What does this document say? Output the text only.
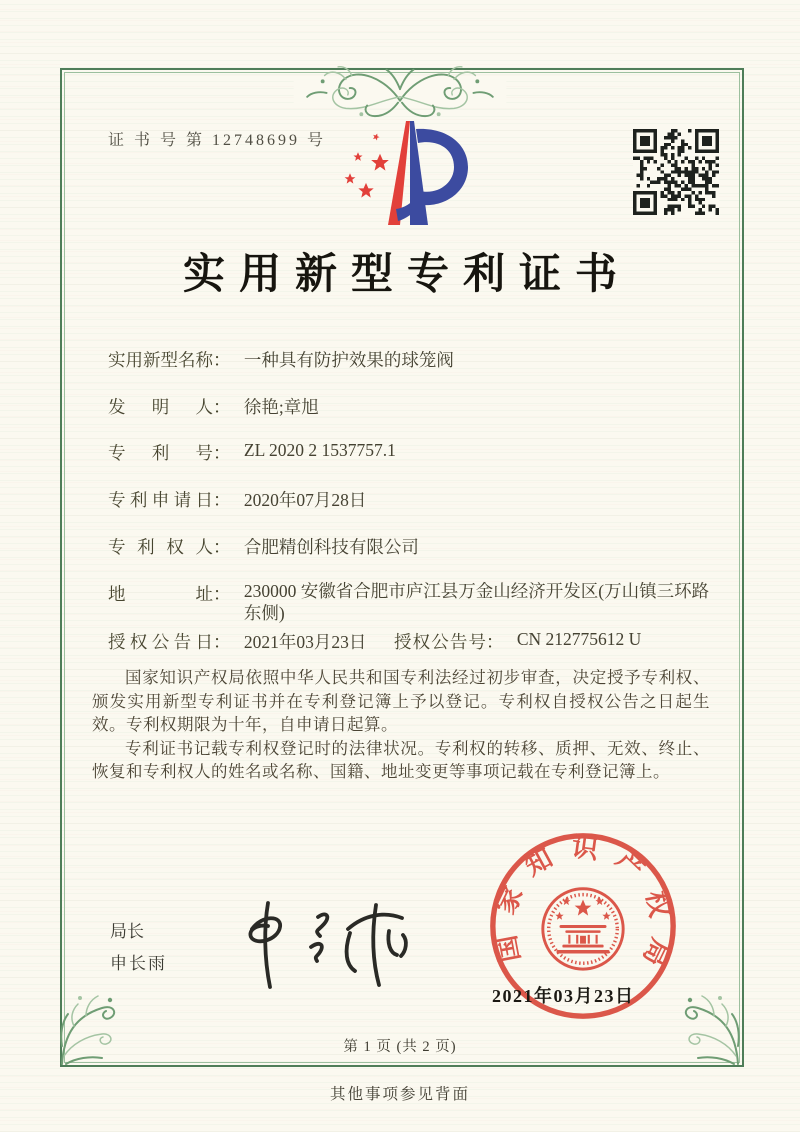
证 书 号 第 12748699 号
实用新型专利证书
实用新型名称： 一种具有防护效果的球笼阀
发明人： 徐艳;章旭
专利号： ZL 2020 2 1537757.1
专利申请日： 2020年07月28日
专利权人： 合肥精创科技有限公司
地址： 230000 安徽省合肥市庐江县万金山经济开发区(万山镇三环路东侧)
授权公告日： 2021年03月23日 授权公告号： CN 212775612 U

国家知识产权局依照中华人民共和国专利法经过初步审查，决定授予专利权、颁发实用新型专利证书并在专利登记簿上予以登记。专利权自授权公告之日起生效。专利权期限为十年，自申请日起算。

专利证书记载专利权登记时的法律状况。专利权的转移、质押、无效、终止、恢复和专利权人的姓名或名称、国籍、地址变更等事项记载在专利登记簿上。

局长
申长雨	国家知识产权局
2021年03月23日
第 1 页 (共 2 页)
其他事项参见背面
